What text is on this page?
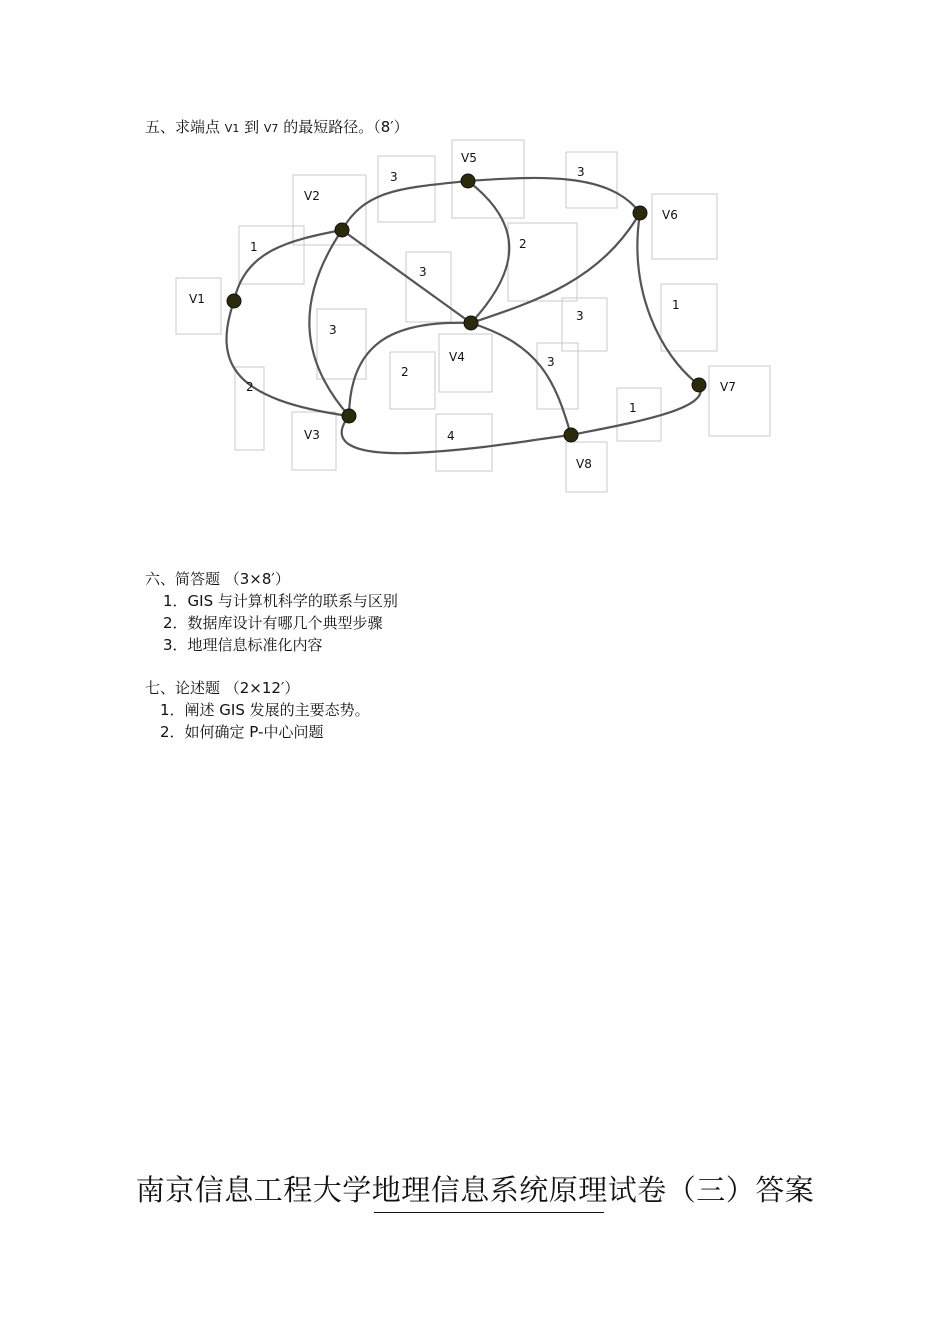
五、求端点 V1 到 V7 的最短路径。（8′）
V1
V2
V3
V4
V5
V6
V7
V8
1
2
3
3
3
2
4
2
3
3
3
1
1
六、简答题 （3×8′）
1．GIS 与计算机科学的联系与区别
2．数据库设计有哪几个典型步骤
3．地理信息标准化内容
七、论述题 （2×12′）
1．阐述 GIS 发展的主要态势。
2．如何确定 P-中心问题
南京信息工程大学地理信息系统原理试卷（三）答案
